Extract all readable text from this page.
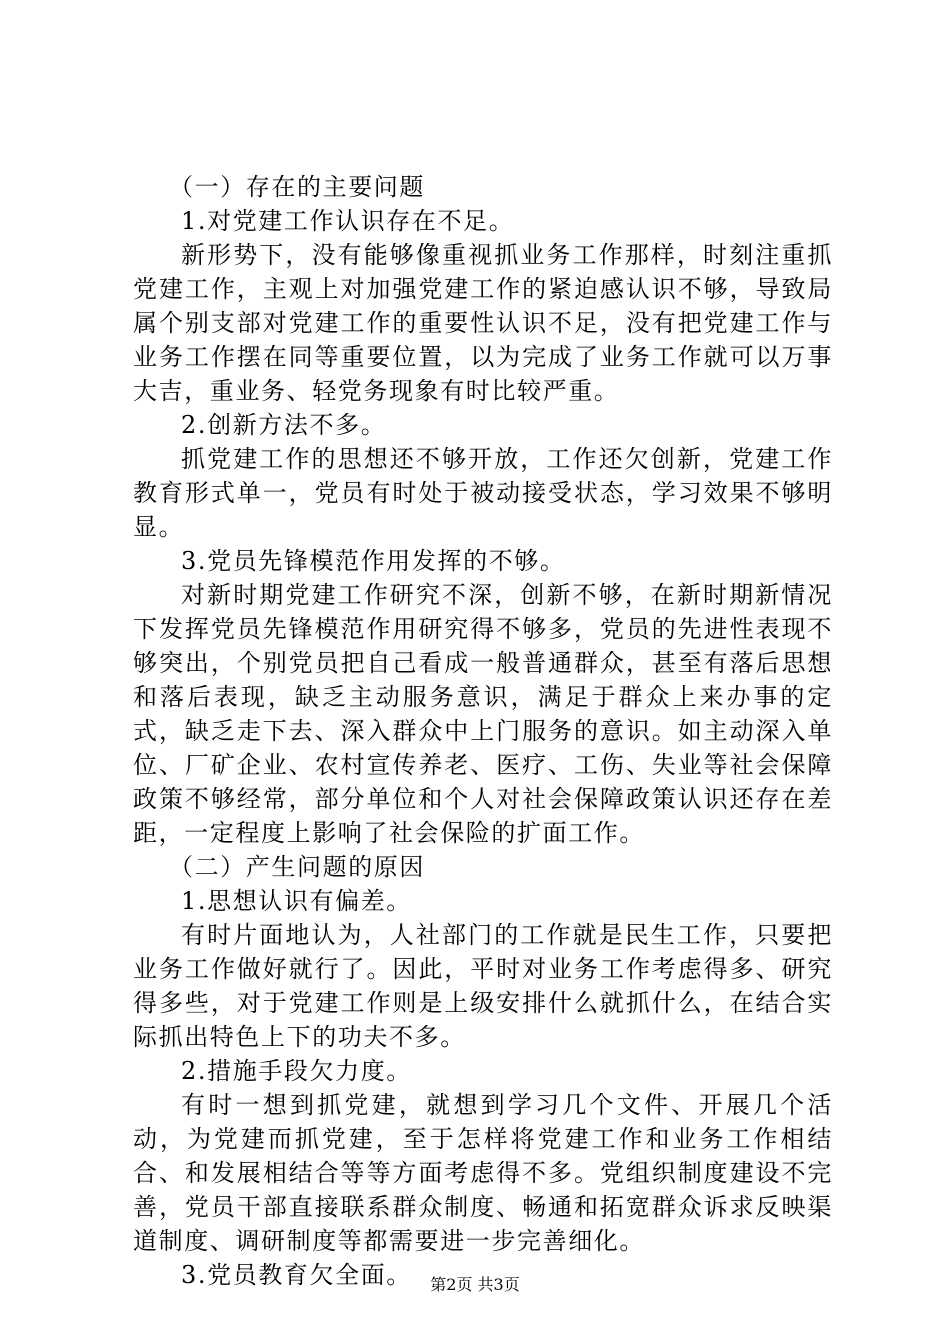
（一）存在的主要问题

1.对党建工作认识存在不足。

新形势下，没有能够像重视抓业务工作那样，时刻注重抓党建工作，主观上对加强党建工作的紧迫感认识不够，导致局属个别支部对党建工作的重要性认识不足，没有把党建工作与业务工作摆在同等重要位置，以为完成了业务工作就可以万事大吉，重业务、轻党务现象有时比较严重。

2.创新方法不多。

抓党建工作的思想还不够开放，工作还欠创新，党建工作教育形式单一，党员有时处于被动接受状态，学习效果不够明显。

3.党员先锋模范作用发挥的不够。

对新时期党建工作研究不深，创新不够，在新时期新情况下发挥党员先锋模范作用研究得不够多，党员的先进性表现不够突出，个别党员把自己看成一般普通群众，甚至有落后思想和落后表现，缺乏主动服务意识，满足于群众上来办事的定式，缺乏走下去、深入群众中上门服务的意识。如主动深入单位、厂矿企业、农村宣传养老、医疗、工伤、失业等社会保障政策不够经常，部分单位和个人对社会保障政策认识还存在差距，一定程度上影响了社会保险的扩面工作。

（二）产生问题的原因

1.思想认识有偏差。

有时片面地认为，人社部门的工作就是民生工作，只要把业务工作做好就行了。因此，平时对业务工作考虑得多、研究得多些，对于党建工作则是上级安排什么就抓什么，在结合实际抓出特色上下的功夫不多。

2.措施手段欠力度。

有时一想到抓党建，就想到学习几个文件、开展几个活动，为党建而抓党建，至于怎样将党建工作和业务工作相结合、和发展相结合等等方面考虑得不多。党组织制度建设不完善，党员干部直接联系群众制度、畅通和拓宽群众诉求反映渠道制度、调研制度等都需要进一步完善细化。

3.党员教育欠全面。	第2页 共3页
